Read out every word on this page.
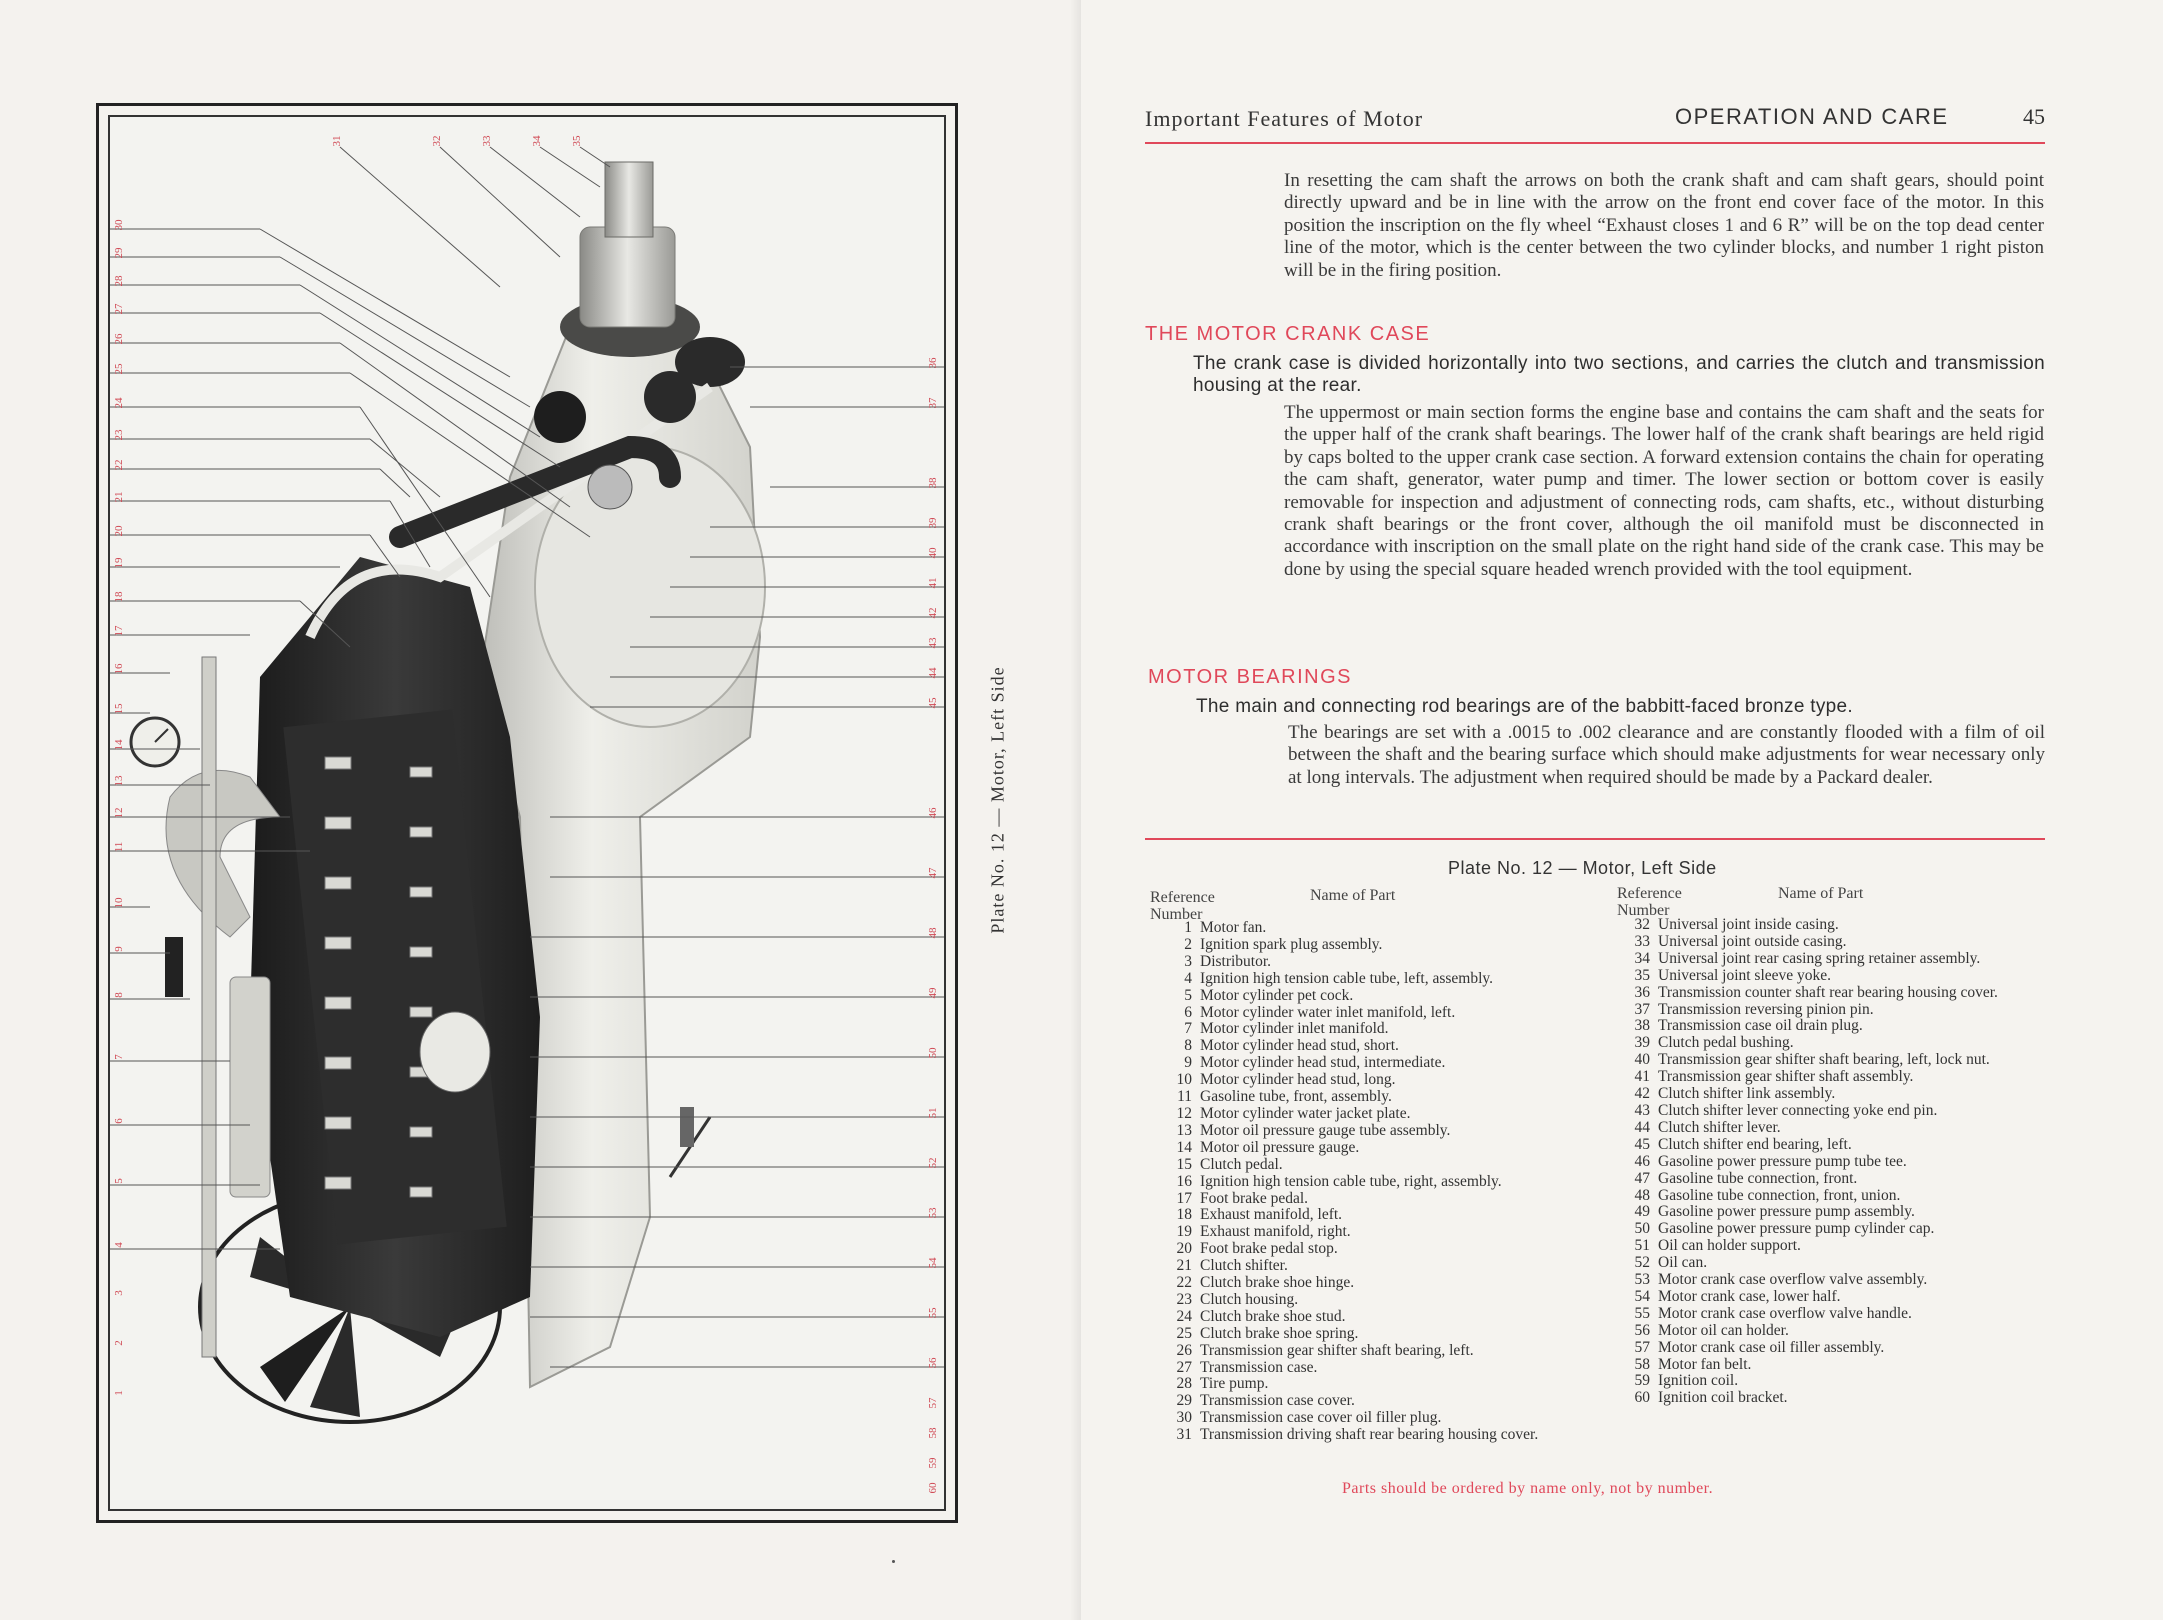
30
29
28
27
26
25
24
23
22
21
20
19
18
17
16
15
14
13
12
11
10
9
8
7
6
5
4
3
2
1
31	32	33	34	35
36
37
38
39
40
41
42
43
44
45
46
47
48
49
50
51
52
53
54
55
56
57
58
59
60
Plate No. 12 — Motor, Left Side
Important Features of Motor	OPERATION AND CARE	45

In resetting the cam shaft the arrows on both the crank shaft and cam shaft gears, should point directly upward and be in line with the arrow on the front end cover face of the motor. In this position the inscription on the fly wheel “Exhaust closes 1 and 6 R” will be on the top dead center line of the motor, which is the center between the two cylinder blocks, and number 1 right piston will be in the firing position.

THE MOTOR CRANK CASE

The crank case is divided horizontally into two sections, and carries the clutch and transmission housing at the rear.

The uppermost or main section forms the engine base and contains the cam shaft and the seats for the upper half of the crank shaft bearings. The lower half of the crank shaft bearings are held rigid by caps bolted to the upper crank case section. A forward extension contains the chain for operating the cam shaft, generator, water pump and timer. The lower section or bottom cover is easily removable for inspection and adjustment of connecting rods, cam shafts, etc., without disturbing crank shaft bearings or the front cover, although the oil manifold must be disconnected in accordance with inscription on the small plate on the right hand side of the crank case. This may be done by using the special square headed wrench provided with the tool equipment.

MOTOR BEARINGS

The main and connecting rod bearings are of the babbitt-faced bronze type.

The bearings are set with a .0015 to .002 clearance and are constantly flooded with a film of oil between the shaft and the bearing surface which should make adjustments for wear necessary only at long intervals. The adjustment when required should be made by a Packard dealer.

Plate No. 12 — Motor, Left Side
Reference Number
Name of Part	Reference Number
Name of Part
1 Motor fan.
2 Ignition spark plug assembly.
3 Distributor.
4 Ignition high tension cable tube, left, assembly.
5 Motor cylinder pet cock.
6 Motor cylinder water inlet manifold, left.
7 Motor cylinder inlet manifold.
8 Motor cylinder head stud, short.
9 Motor cylinder head stud, intermediate.
10 Motor cylinder head stud, long.
11 Gasoline tube, front, assembly.
12 Motor cylinder water jacket plate.
13 Motor oil pressure gauge tube assembly.
14 Motor oil pressure gauge.
15 Clutch pedal.
16 Ignition high tension cable tube, right, assembly.
17 Foot brake pedal.
18 Exhaust manifold, left.
19 Exhaust manifold, right.
20 Foot brake pedal stop.
21 Clutch shifter.
22 Clutch brake shoe hinge.
23 Clutch housing.
24 Clutch brake shoe stud.
25 Clutch brake shoe spring.
26 Transmission gear shifter shaft bearing, left.
27 Transmission case.
28 Tire pump.
29 Transmission case cover.
30 Transmission case cover oil filler plug.
31 Transmission driving shaft rear bearing housing cover.
32 Universal joint inside casing.
33 Universal joint outside casing.
34 Universal joint rear casing spring retainer assembly.
35 Universal joint sleeve yoke.
36 Transmission counter shaft rear bearing housing cover.
37 Transmission reversing pinion pin.
38 Transmission case oil drain plug.
39 Clutch pedal bushing.
40 Transmission gear shifter shaft bearing, left, lock nut.
41 Transmission gear shifter shaft assembly.
42 Clutch shifter link assembly.
43 Clutch shifter lever connecting yoke end pin.
44 Clutch shifter lever.
45 Clutch shifter end bearing, left.
46 Gasoline power pressure pump tube tee.
47 Gasoline tube connection, front.
48 Gasoline tube connection, front, union.
49 Gasoline power pressure pump assembly.
50 Gasoline power pressure pump cylinder cap.
51 Oil can holder support.
52 Oil can.
53 Motor crank case overflow valve assembly.
54 Motor crank case, lower half.
55 Motor crank case overflow valve handle.
56 Motor oil can holder.
57 Motor crank case oil filler assembly.
58 Motor fan belt.
59 Ignition coil.
60 Ignition coil bracket.
Parts should be ordered by name only, not by number.
